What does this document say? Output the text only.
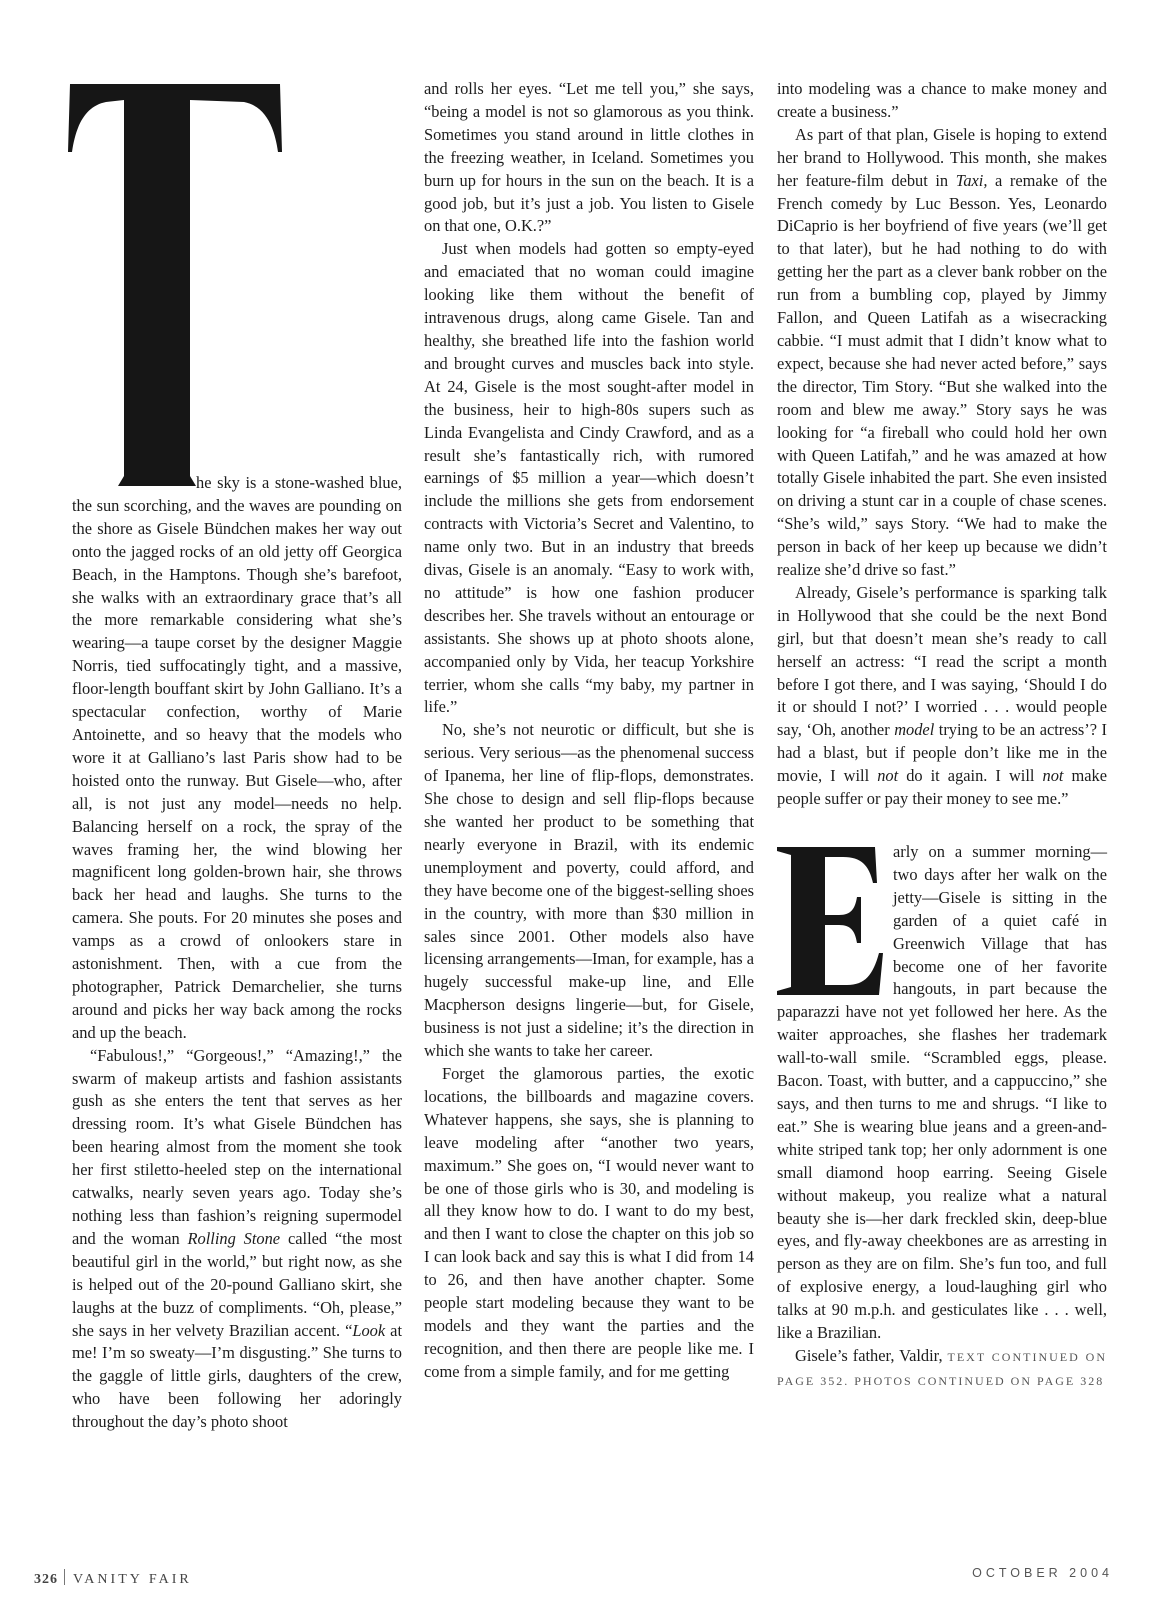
he sky is a stone-washed blue, the sun scorching, and the waves are pounding on the shore as Gisele Bündchen makes her way out onto the jagged rocks of an old jetty off Georgica Beach, in the Hamptons. Though she’s barefoot, she walks with an extraordinary grace that’s all the more remarkable considering what she’s wearing—a taupe corset by the designer Maggie Norris, tied suffocatingly tight, and a massive, floor-length bouffant skirt by John Galliano. It’s a spectacular confection, worthy of Marie Antoinette, and so heavy that the models who wore it at Galliano’s last Paris show had to be hoisted onto the runway. But Gisele—who, after all, is not just any model—needs no help. Balancing herself on a rock, the spray of the waves framing her, the wind blowing her magnificent long golden-brown hair, she throws back her head and laughs. She turns to the camera. She pouts. For 20 minutes she poses and vamps as a crowd of onlookers stare in astonishment. Then, with a cue from the photographer, Patrick Demarchelier, she turns around and picks her way back among the rocks and up the beach.

“Fabulous!,” “Gorgeous!,” “Amazing!,” the swarm of makeup artists and fashion assistants gush as she enters the tent that serves as her dressing room. It’s what Gisele Bündchen has been hearing almost from the moment she took her first stiletto-heeled step on the international catwalks, nearly seven years ago. Today she’s nothing less than fashion’s reigning supermodel and the woman Rolling Stone called “the most beautiful girl in the world,” but right now, as she is helped out of the 20-pound Galliano skirt, she laughs at the buzz of compliments. “Oh, please,” she says in her velvety Brazilian accent. “Look at me! I’m so sweaty—I’m disgusting.” She turns to the gaggle of little girls, daughters of the crew, who have been following her adoringly throughout the day’s photo shoot

and rolls her eyes. “Let me tell you,” she says, “being a model is not so glamorous as you think. Sometimes you stand around in little clothes in the freezing weather, in Iceland. Sometimes you burn up for hours in the sun on the beach. It is a good job, but it’s just a job. You listen to Gisele on that one, O.K.?”

Just when models had gotten so empty-eyed and emaciated that no woman could imagine looking like them without the benefit of intravenous drugs, along came Gisele. Tan and healthy, she breathed life into the fashion world and brought curves and muscles back into style. At 24, Gisele is the most sought-after model in the business, heir to high-80s supers such as Linda Evangelista and Cindy Crawford, and as a result she’s fantastically rich, with rumored earnings of $5 million a year—which doesn’t include the millions she gets from endorsement contracts with Victoria’s Secret and Valentino, to name only two. But in an industry that breeds divas, Gisele is an anomaly. “Easy to work with, no attitude” is how one fashion producer describes her. She travels without an entourage or assistants. She shows up at photo shoots alone, accompanied only by Vida, her teacup Yorkshire terrier, whom she calls “my baby, my partner in life.”

No, she’s not neurotic or difficult, but she is serious. Very serious—as the phenomenal success of Ipanema, her line of flip-flops, demonstrates. She chose to design and sell flip-flops because she wanted her product to be something that nearly everyone in Brazil, with its endemic unemployment and poverty, could afford, and they have become one of the biggest-selling shoes in the country, with more than $30 million in sales since 2001. Other models also have licensing arrangements—Iman, for example, has a hugely successful make-up line, and Elle Macpherson designs lingerie—but, for Gisele, business is not just a sideline; it’s the direction in which she wants to take her career.

Forget the glamorous parties, the exotic locations, the billboards and magazine covers. Whatever happens, she says, she is planning to leave modeling after “another two years, maximum.” She goes on, “I would never want to be one of those girls who is 30, and modeling is all they know how to do. I want to do my best, and then I want to close the chapter on this job so I can look back and say this is what I did from 14 to 26, and then have another chapter. Some people start modeling because they want to be models and they want the parties and the recognition, and then there are people like me. I come from a simple family, and for me getting

into modeling was a chance to make money and create a business.”

As part of that plan, Gisele is hoping to extend her brand to Hollywood. This month, she makes her feature-film debut in Taxi, a remake of the French comedy by Luc Besson. Yes, Leonardo DiCaprio is her boyfriend of five years (we’ll get to that later), but he had nothing to do with getting her the part as a clever bank robber on the run from a bumbling cop, played by Jimmy Fallon, and Queen Latifah as a wisecracking cabbie. “I must admit that I didn’t know what to expect, because she had never acted before,” says the director, Tim Story. “But she walked into the room and blew me away.” Story says he was looking for “a fireball who could hold her own with Queen Latifah,” and he was amazed at how totally Gisele inhabited the part. She even insisted on driving a stunt car in a couple of chase scenes. “She’s wild,” says Story. “We had to make the person in back of her keep up because we didn’t realize she’d drive so fast.”

Already, Gisele’s performance is sparking talk in Hollywood that she could be the next Bond girl, but that doesn’t mean she’s ready to call herself an actress: “I read the script a month before I got there, and I was saying, ‘Should I do it or should I not?’ I worried . . . would people say, ‘Oh, another model trying to be an actress’? I had a blast, but if people don’t like me in the movie, I will not do it again. I will not make people suffer or pay their money to see me.”

arly on a summer morning—two days after her walk on the jetty—Gisele is sitting in the garden of a quiet café in Greenwich Village that has become one of her favorite hangouts, in part because the paparazzi have not yet followed her here. As the waiter approaches, she flashes her trademark wall-to-wall smile. “Scrambled eggs, please. Bacon. Toast, with butter, and a cappuccino,” she says, and then turns to me and shrugs. “I like to eat.” She is wearing blue jeans and a green-and-white striped tank top; her only adornment is one small diamond hoop earring. Seeing Gisele without makeup, you realize what a natural beauty she is—her dark freckled skin, deep-blue eyes, and fly-away cheekbones are as arresting in person as they are on film. She’s fun too, and full of explosive energy, a loud-laughing girl who talks at 90 m.p.h. and gesticulates like . . . well, like a Brazilian.

Gisele’s father, Valdir, TEXT CONTINUED ON PAGE 352. PHOTOS CONTINUED ON PAGE 328

326 VANITY FAIR	OCTOBER 2004
